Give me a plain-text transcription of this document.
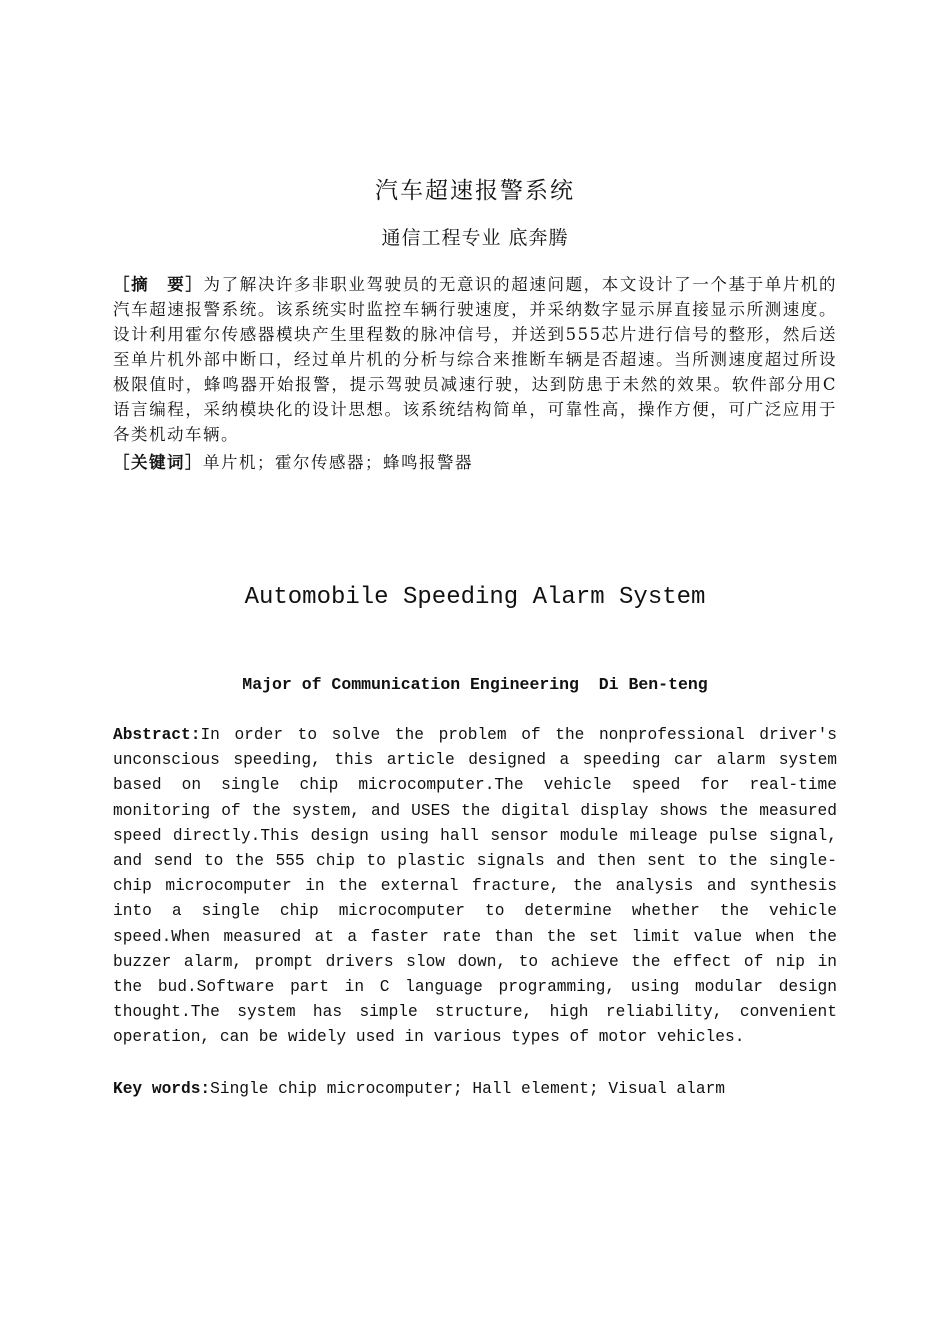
汽车超速报警系统
通信工程专业 底奔腾
［摘　要］为了解决许多非职业驾驶员的无意识的超速问题，本文设计了一个基于单片机的汽车超速报警系统。该系统实时监控车辆行驶速度，并采纳数字显示屏直接显示所测速度。设计利用霍尔传感器模块产生里程数的脉冲信号，并送到555芯片进行信号的整形，然后送至单片机外部中断口，经过单片机的分析与综合来推断车辆是否超速。当所测速度超过所设极限值时，蜂鸣器开始报警，提示驾驶员减速行驶，达到防患于未然的效果。软件部分用C语言编程，采纳模块化的设计思想。该系统结构简单，可靠性高，操作方便，可广泛应用于各类机动车辆。
［关键词］单片机；霍尔传感器；蜂鸣报警器
Automobile Speeding Alarm System
Major of Communication Engineering  Di Ben-teng
Abstract:In order to solve the problem of the nonprofessional driver's unconscious speeding, this article designed a speeding car alarm system based on single chip microcomputer.The vehicle speed for real-time monitoring of the system, and USES the digital display shows the measured speed directly.This design using hall sensor module mileage pulse signal, and send to the 555 chip to plastic signals and then sent to the single-chip microcomputer in the external fracture, the analysis and synthesis into a single chip microcomputer to determine whether the vehicle speed.When measured at a faster rate than the set limit value when the buzzer alarm, prompt drivers slow down, to achieve the effect of nip in the bud.Software part in C language programming, using modular design thought.The system has simple structure, high reliability, convenient operation, can be widely used in various types of motor vehicles.
Key words:Single chip microcomputer; Hall element; Visual alarm
